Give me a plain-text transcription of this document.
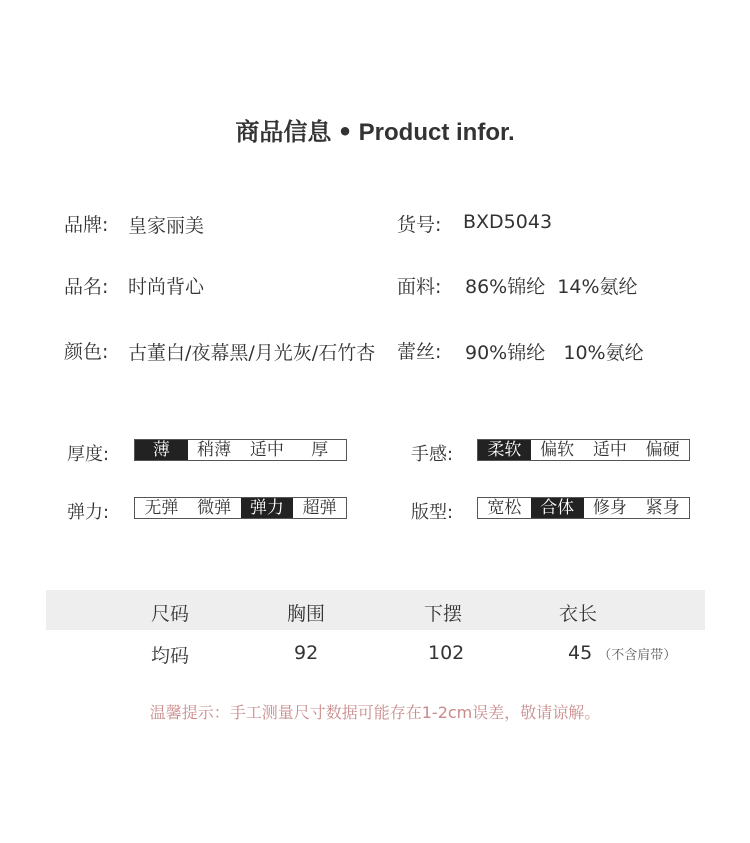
商品信息 • Product infor.
品牌: 皇家丽美	货号: BXD5043
品名: 时尚背心	面料: 86%锦纶  14%氨纶
颜色: 古董白/夜幕黑/月光灰/石竹杏 蕾丝: 90%锦纶   10%氨纶
厚度:	薄	稍薄	适中	厚	手感:	柔软	偏软	适中	偏硬
弹力:	无弹	微弹	弹力	超弹	版型:	宽松	合体	修身	紧身
尺码	胸围	下摆	衣长
均码	92	102	45 （不含肩带）
温馨提示：手工测量尺寸数据可能存在1-2cm误差，敬请谅解。
